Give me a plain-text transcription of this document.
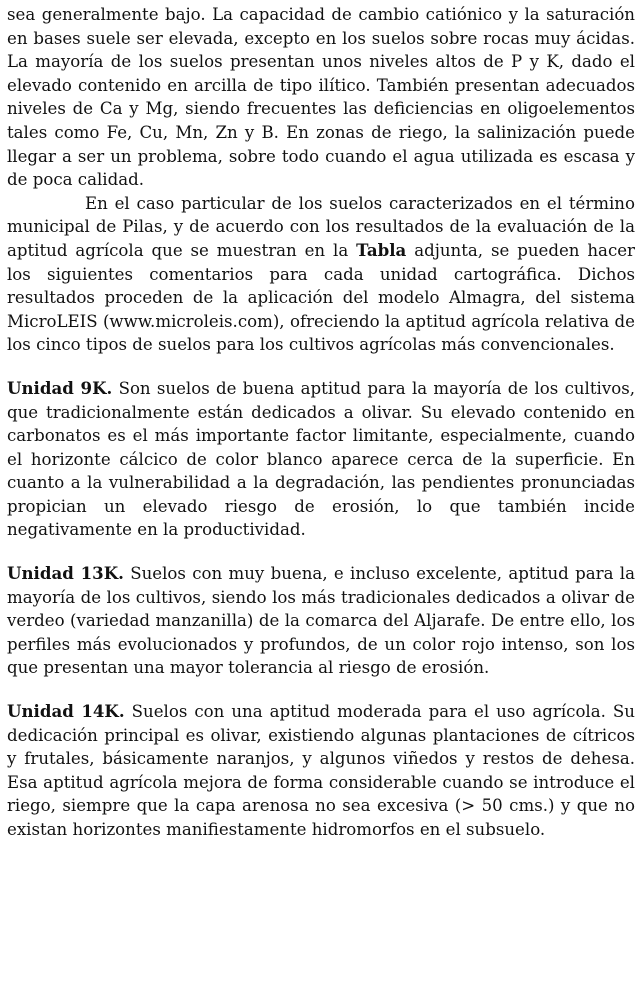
sea generalmente bajo. La capacidad de cambio catiónico y la saturación en bases suele ser elevada, excepto en los suelos sobre rocas muy ácidas. La mayoría de los suelos presentan unos niveles altos de P y K, dado el elevado contenido en arcilla de tipo ilítico. También presentan adecuados niveles de Ca y Mg, siendo frecuentes las deficiencias en oligoelementos tales como Fe, Cu, Mn, Zn y B. En zonas de riego, la salinización puede llegar a ser un problema, sobre todo cuando el agua utilizada es escasa y de poca calidad.

En el caso particular de los suelos caracterizados en el término municipal de Pilas, y de acuerdo con los resultados de la evaluación de la aptitud agrícola que se muestran en la Tabla adjunta, se pueden hacer los siguientes comentarios para cada unidad cartográfica. Dichos resultados proceden de la aplicación del modelo Almagra, del sistema MicroLEIS (www.microleis.com), ofreciendo la aptitud agrícola relativa de los cinco tipos de suelos para los cultivos agrícolas más convencionales.

Unidad 9K. Son suelos de buena aptitud para la mayoría de los cultivos, que tradicionalmente están dedicados a olivar. Su elevado contenido en carbonatos es el más importante factor limitante, especialmente, cuando el horizonte cálcico de color blanco aparece cerca de la superficie. En cuanto a la vulnerabilidad a la degradación, las pendientes pronunciadas propician un elevado riesgo de erosión, lo que también incide negativamente en la productividad.

Unidad 13K. Suelos con muy buena, e incluso excelente, aptitud para la mayoría de los cultivos, siendo los más tradicionales dedicados a olivar de verdeo (variedad manzanilla) de la comarca del Aljarafe. De entre ello, los perfiles más evolucionados y profundos, de un color rojo intenso, son los que presentan una mayor tolerancia al riesgo de erosión.

Unidad 14K. Suelos con una aptitud moderada para el uso agrícola. Su dedicación principal es olivar, existiendo algunas plantaciones de cítricos y frutales, básicamente naranjos, y algunos viñedos y restos de dehesa. Esa aptitud agrícola mejora de forma considerable cuando se introduce el riego, siempre que la capa arenosa no sea excesiva (> 50 cms.) y que no existan horizontes manifiestamente hidromorfos en el subsuelo.
